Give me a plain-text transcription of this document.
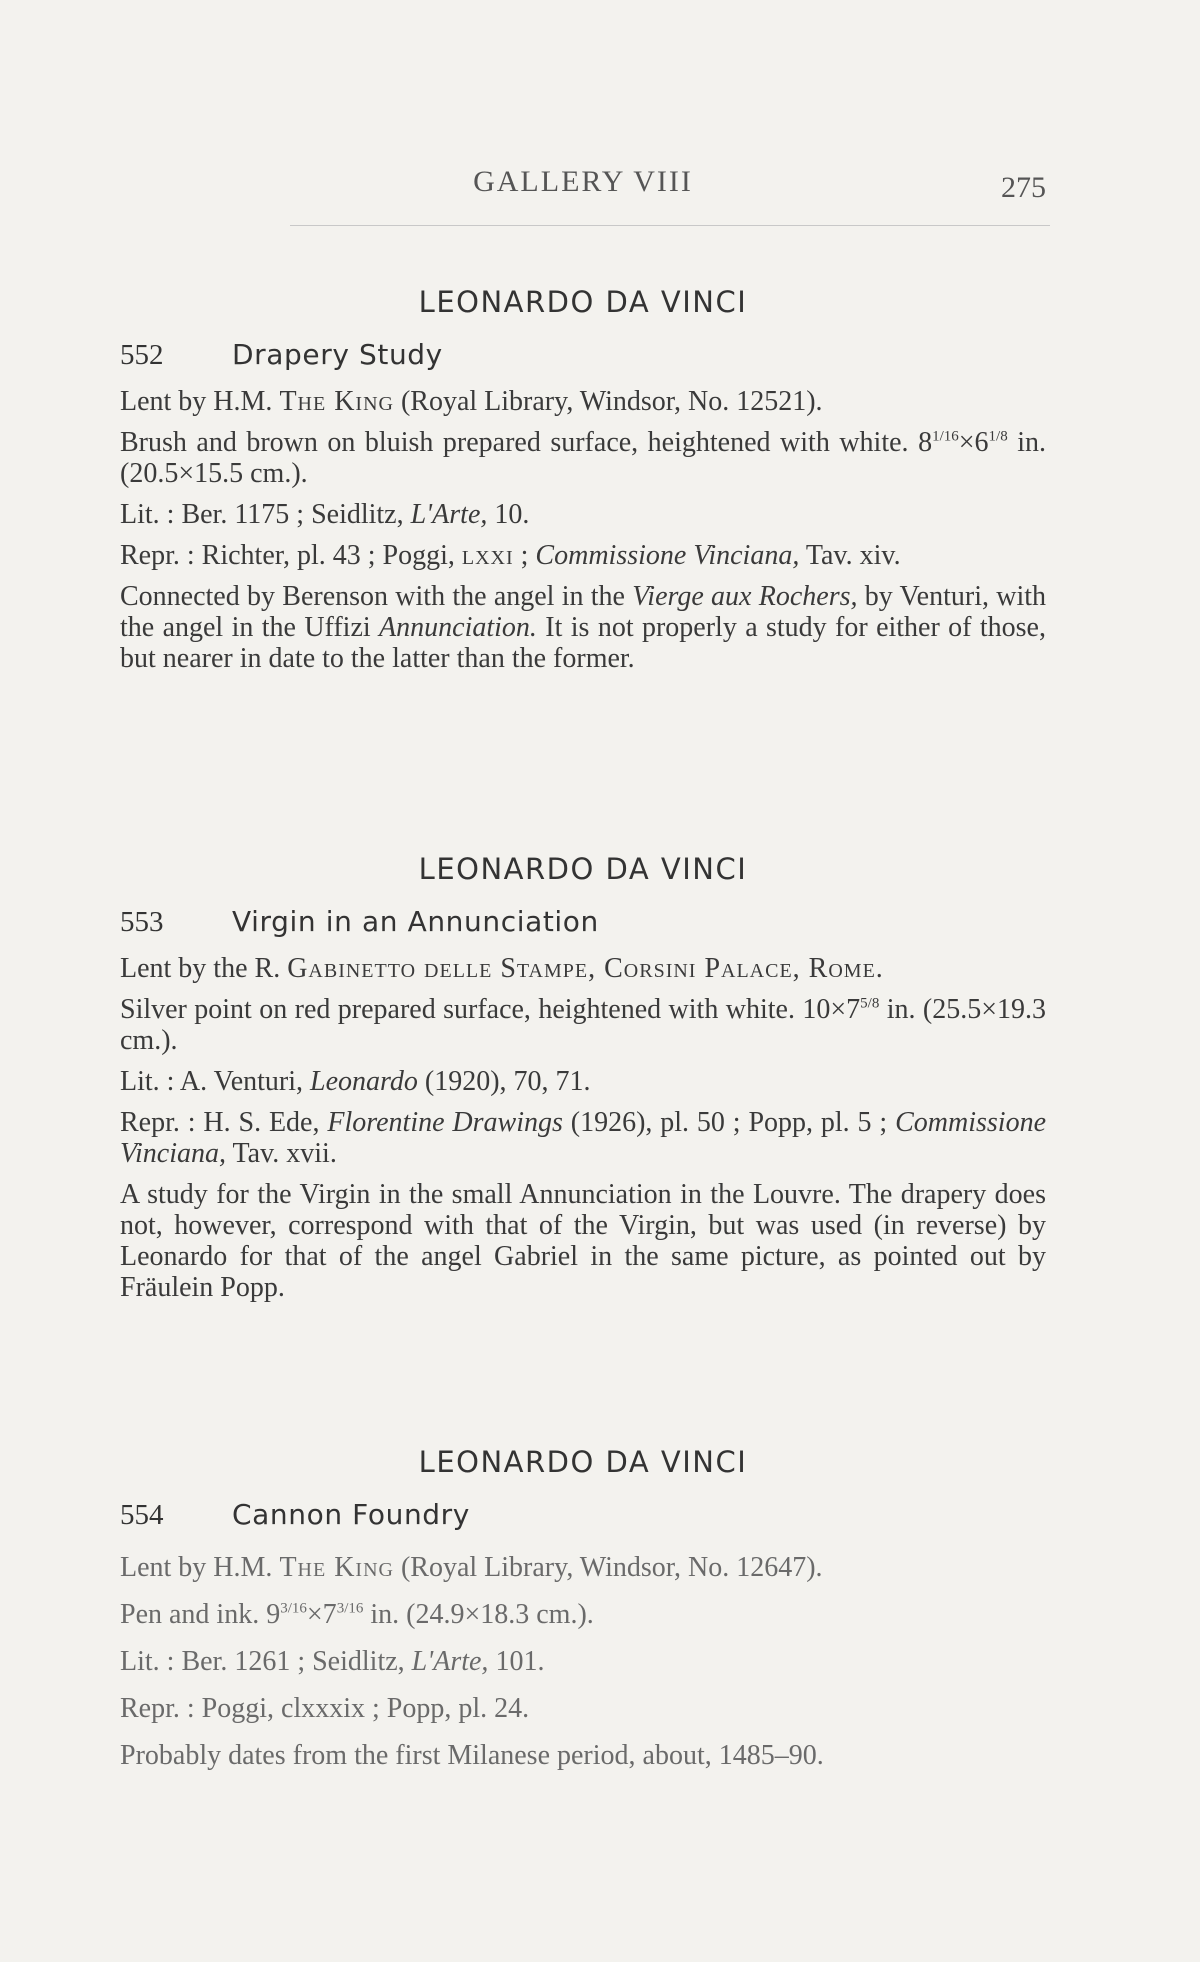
GALLERY VIII	275
LEONARDO DA VINCI
552 Drapery Study

Lent by H.M. The King (Royal Library, Windsor, No. 12521).

Brush and brown on bluish prepared surface, heightened with white. $8^{1/16}\times 6^{1/8}$ in. (20.5×15.5 cm.).

Lit. : Ber. 1175 ; Seidlitz, L'Arte, 10.

Repr. : Richter, pl. 43 ; Poggi, lxxi ; Commissione Vinciana, Tav. xiv.

Connected by Berenson with the angel in the Vierge aux Rochers, by Venturi, with the angel in the Uffizi Annunciation. It is not properly a study for either of those, but nearer in date to the latter than the former.

LEONARDO DA VINCI
553 Virgin in an Annunciation

Lent by the R. Gabinetto delle Stampe, Corsini Palace, Rome.

Silver point on red prepared surface, heightened with white. $10\times 7^{5/8}$ in. (25.5×19.3 cm.).

Lit. : A. Venturi, Leonardo (1920), 70, 71.

Repr. : H. S. Ede, Florentine Drawings (1926), pl. 50 ; Popp, pl. 5 ; Commissione Vinciana, Tav. xvii.

A study for the Virgin in the small Annunciation in the Louvre. The drapery does not, however, correspond with that of the Virgin, but was used (in reverse) by Leonardo for that of the angel Gabriel in the same picture, as pointed out by Fräulein Popp.

LEONARDO DA VINCI
554 Cannon Foundry

Lent by H.M. The King (Royal Library, Windsor, No. 12647).

Pen and ink. $9^{3/16}\times 7^{3/16}$ in. (24.9×18.3 cm.).

Lit. : Ber. 1261 ; Seidlitz, L'Arte, 101.

Repr. : Poggi, clxxxix ; Popp, pl. 24.

Probably dates from the first Milanese period, about, 1485–90.
